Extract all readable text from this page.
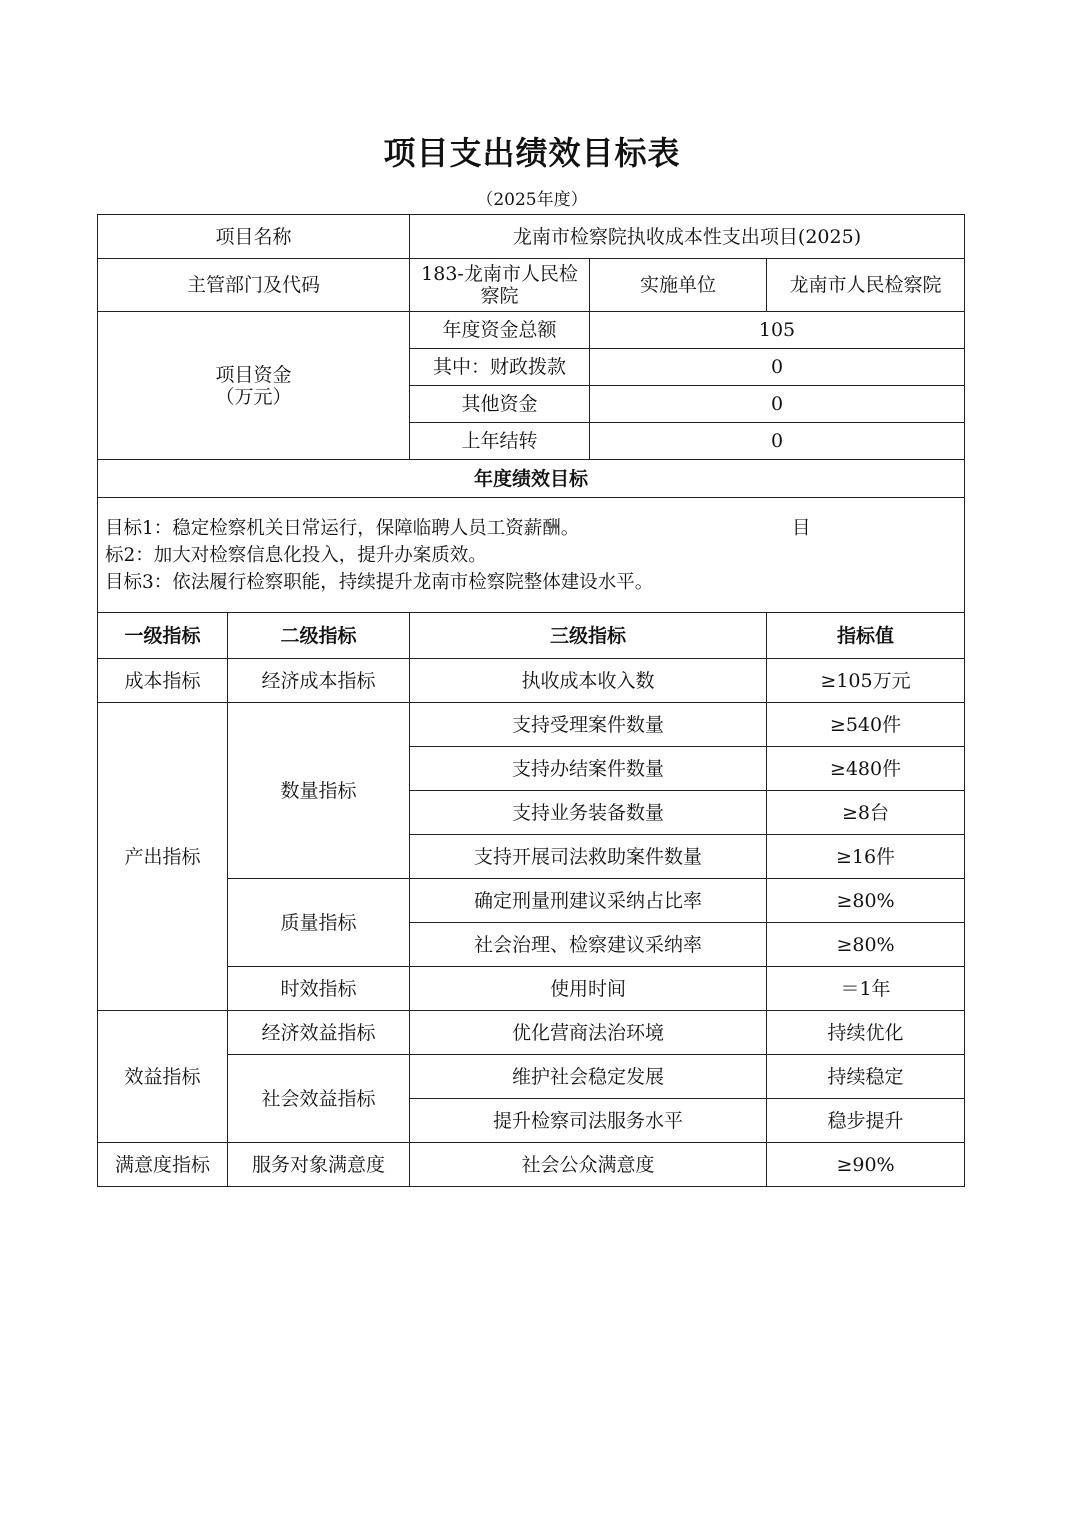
项目支出绩效目标表
（2025年度）
项目名称		龙南市检察院执收成本性支出项目(2025)		
主管部门及代码		183-龙南市人民检察院	实施单位	龙南市人民检察院

项目资金
（万元）		年度资金总额	105	
		其中：财政拨款	0	
		其他资金	0	
		上年结转	0	
年度绩效目标				

目标1：稳定检察机关日常运行，保障临聘人员工资薪酬。　　　　　　　　　　　　目
标2：加大对检察信息化投入，提升办案质效。
目标3：依法履行检察职能，持续提升龙南市检察院整体建设水平。				

一级指标	二级指标	三级指标		指标值
成本指标	经济成本指标	执收成本收入数		≥105万元
产出指标	数量指标	支持受理案件数量		≥540件
		支持办结案件数量		≥480件
		支持业务装备数量		≥8台
		支持开展司法救助案件数量		≥16件
	质量指标	确定刑量刑建议采纳占比率		≥80%
		社会治理、检察建议采纳率		≥80%
	时效指标	使用时间		＝1年
效益指标	经济效益指标	优化营商法治环境		持续优化
	社会效益指标	维护社会稳定发展		持续稳定
		提升检察司法服务水平		稳步提升
满意度指标	服务对象满意度	社会公众满意度		≥90%
